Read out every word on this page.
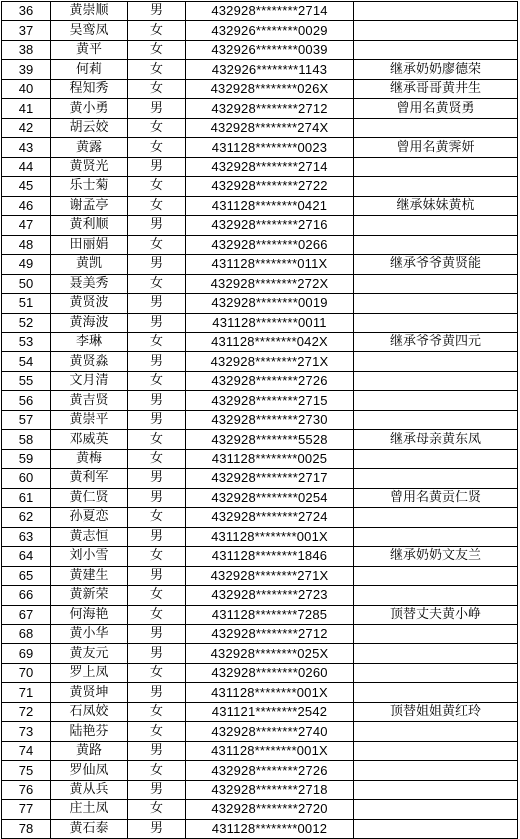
36	黄崇顺	男	432928********2714	
37	吴鸾凤	女	432926********0029	
38	黄平	女	432926********0039	
39	何莉	女	432926********1143	继承奶奶廖德荣
40	程知秀	女	432928********026X	继承哥哥黄井生
41	黄小勇	男	432928********2712	曾用名黄贤勇
42	胡云姣	女	432928********274X	
43	黄露	女	431128********0023	曾用名黄霁妍
44	黄贤光	男	432928********2714	
45	乐士菊	女	432928********2722	
46	谢孟亭	女	431128********0421	继承妹妹黄杭
47	黄利顺	男	432928********2716	
48	田丽娟	女	432928********0266	
49	黄凯	男	431128********011X	继承爷爷黄贤能
50	聂美秀	女	432928********272X	
51	黄贤波	男	432928********0019	
52	黄海波	男	431128********0011	
53	李琳	女	431128********042X	继承爷爷黄四元
54	黄贤淼	男	432928********271X	
55	文月清	女	432928********2726	
56	黄吉贤	男	432928********2715	
57	黄崇平	男	432928********2730	
58	邓威英	女	432928********5528	继承母亲黄东凤
59	黄梅	女	431128********0025	
60	黄利军	男	432928********2717	
61	黄仁贤	男	432928********0254	曾用名黄贡仁贤
62	孙夏恋	女	432928********2724	
63	黄志恒	男	431128********001X	
64	刘小雪	女	431128********1846	继承奶奶文友兰
65	黄建生	男	432928********271X	
66	黄新荣	女	432928********2723	
67	何海艳	女	431128********7285	顶替丈夫黄小峥
68	黄小华	男	432928********2712	
69	黄友元	男	432928********025X	
70	罗上凤	女	432928********0260	
71	黄贤坤	男	431128********001X	
72	石凤姣	女	431121********2542	顶替姐姐黄红玲
73	陆艳芬	女	432928********2740	
74	黄路	男	431128********001X	
75	罗仙凤	女	432928********2726	
76	黄从兵	男	432928********2718	
77	庄土凤	女	432928********2720	
78	黄石泰	男	431128********0012	
